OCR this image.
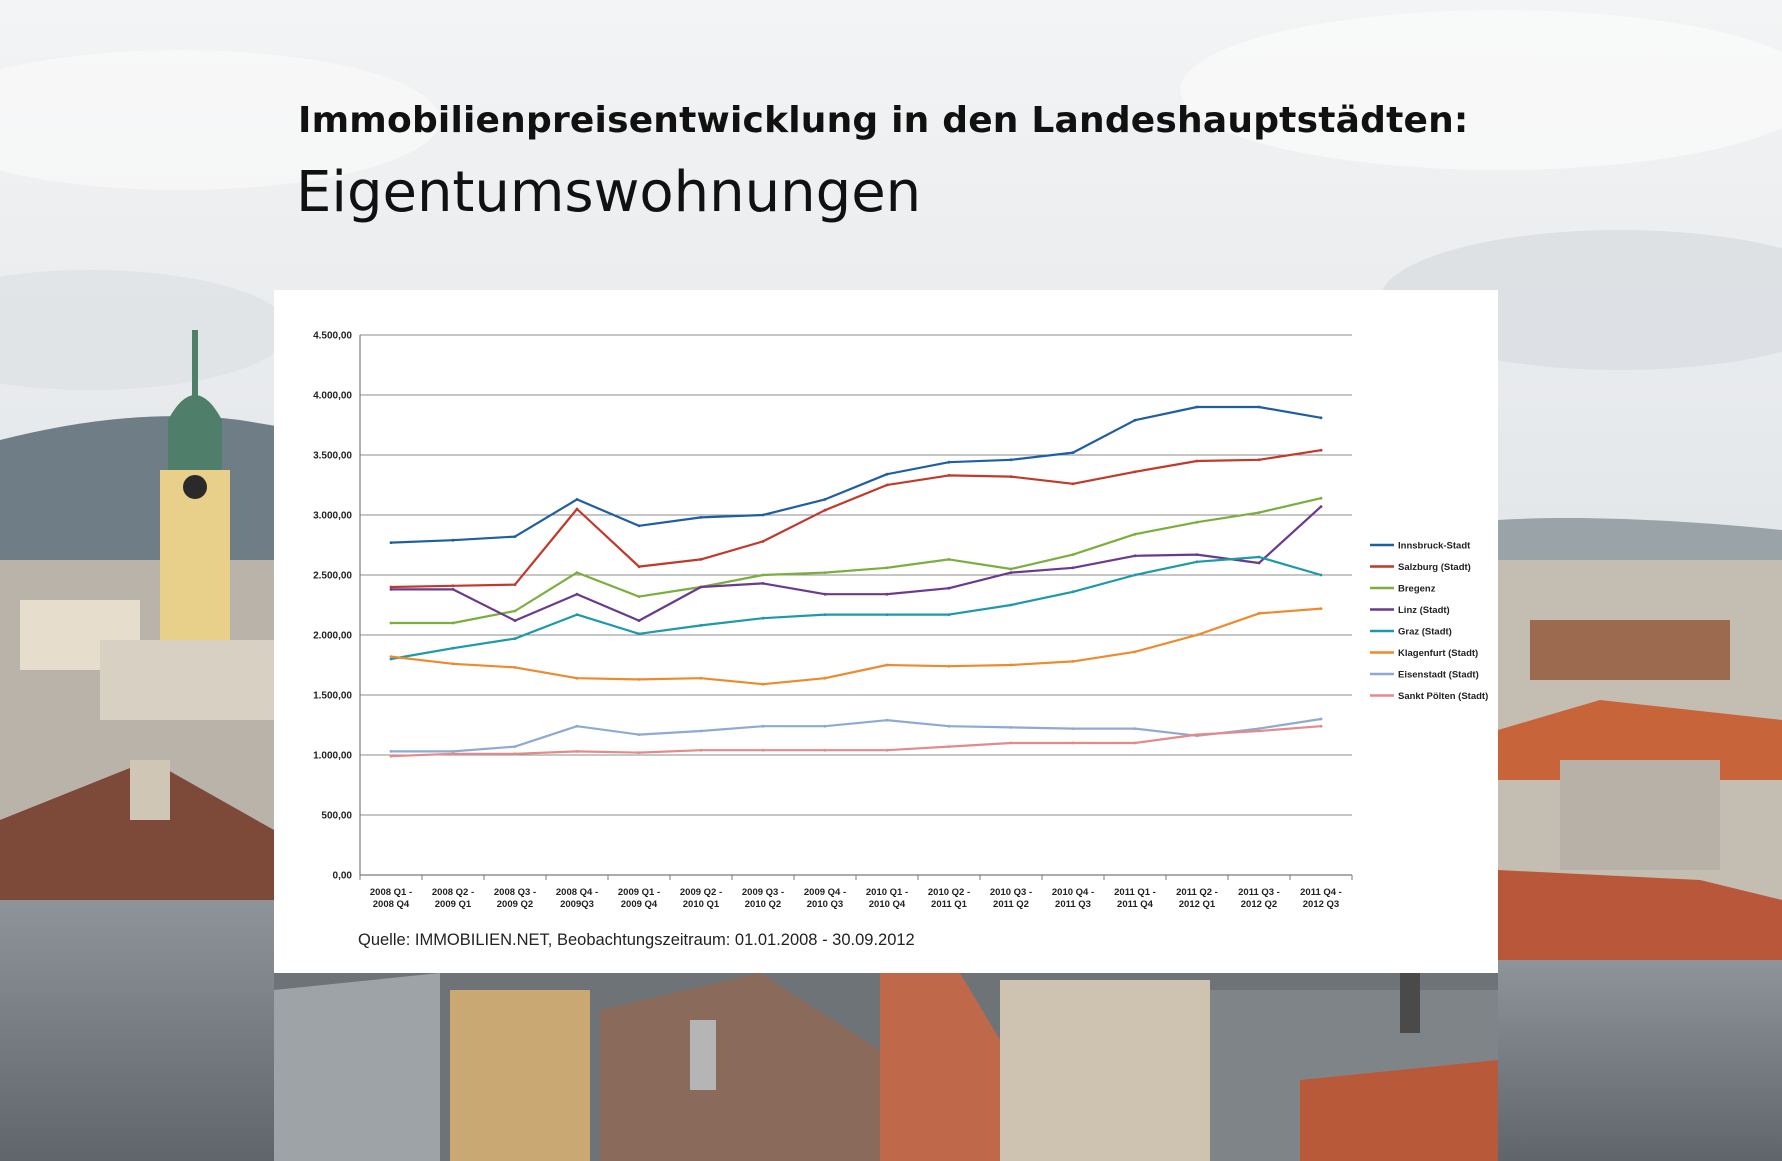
Immobilienpreisentwicklung in den Landeshauptstädten:
Eigentumswohnungen
0,00
500,00
1.000,00
1.500,00
2.000,00
2.500,00
3.000,00
3.500,00
4.000,00
4.500,00
2008 Q1 -2008 Q4
2008 Q2 -2009 Q1
2008 Q3 -2009 Q2
2008 Q4 -2009Q3
2009 Q1 -2009 Q4
2009 Q2 -2010 Q1
2009 Q3 -2010 Q2
2009 Q4 -2010 Q3
2010 Q1 -2010 Q4
2010 Q2 -2011 Q1
2010 Q3 -2011 Q2
2010 Q4 -2011 Q3
2011 Q1 -2011 Q4
2011 Q2 -2012 Q1
2011 Q3 -2012 Q2
2011 Q4 -2012 Q3
Innsbruck-Stadt
Salzburg (Stadt)
Bregenz
Linz (Stadt)
Graz (Stadt)
Klagenfurt (Stadt)
Eisenstadt (Stadt)
Sankt Pölten (Stadt)
Quelle: IMMOBILIEN.NET, Beobachtungszeitraum: 01.01.2008 - 30.09.2012
